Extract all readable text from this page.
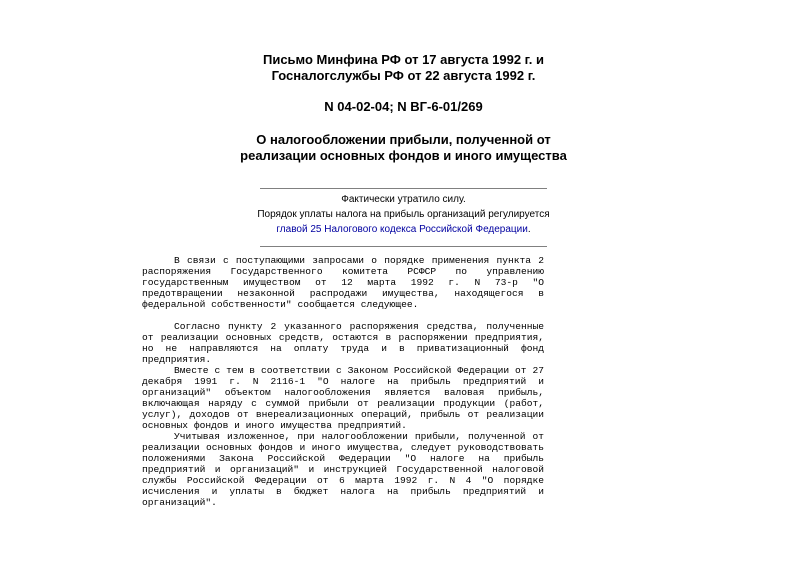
Письмо Минфина РФ от 17 августа 1992 г. и
Госналогслужбы РФ от 22 августа 1992 г.
N 04-02-04; N ВГ-6-01/269
О налогообложении прибыли, полученной от
реализации основных фондов и иного имущества
Фактически утратило силу.
Порядок уплаты налога на прибыль организаций регулируется
главой 25 Налогового кодекса Российской Федерации.

В связи с поступающими запросами о порядке применения пункта 2 распоряжения Государственного комитета РСФСР по управлению государственным имуществом от 12 марта 1992 г. N 73-р "О предотвращении незаконной распродажи имущества, находящегося в федеральной собственности" сообщается следующее.

Согласно пункту 2 указанного распоряжения средства, полученные от реализации основных средств, остаются в распоряжении предприятия, но не направляются на оплату труда и в приватизационный фонд предприятия.

Вместе с тем в соответствии с Законом Российской Федерации от 27 декабря 1991 г. N 2116-1 "О налоге на прибыль предприятий и организаций" объектом налогообложения является валовая прибыль, включающая наряду с суммой прибыли от реализации продукции (работ, услуг), доходов от внереализационных операций, прибыль от реализации основных фондов и иного имущества предприятий.

Учитывая изложенное, при налогообложении прибыли, полученной от реализации основных фондов и иного имущества, следует руководствовать положениями Закона Российской Федерации "О налоге на прибыль предприятий и организаций" и инструкцией Государственной налоговой службы Российской Федерации от 6 марта 1992 г. N 4 "О порядке исчисления и уплаты в бюджет налога на прибыль предприятий и организаций".
